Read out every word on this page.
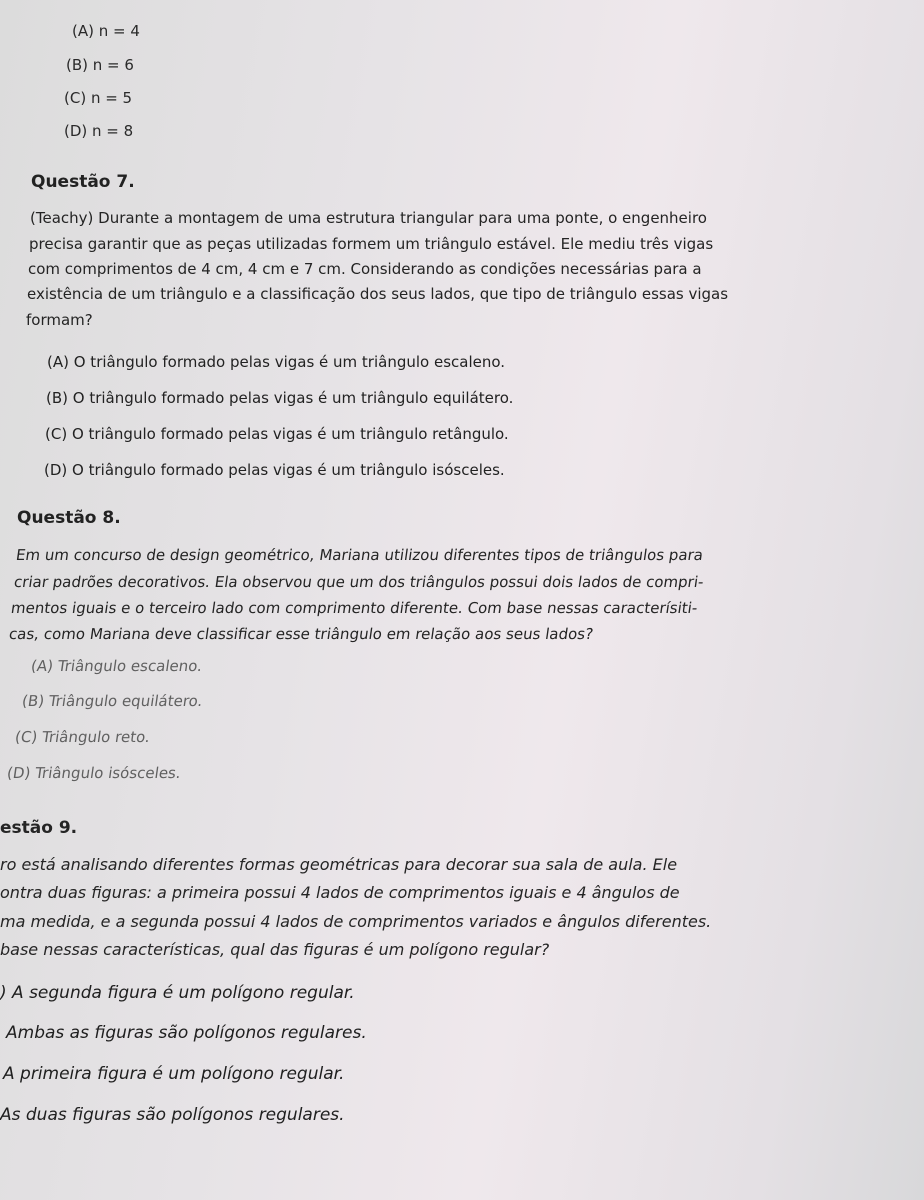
(A) n = 4
(B) n = 6
(C) n = 5
(D) n = 8
Questão 7.
(Teachy) Durante a montagem de uma estrutura triangular para uma ponte, o engenheiro
precisa garantir que as peças utilizadas formem um triângulo estável. Ele mediu três vigas
com comprimentos de 4 cm, 4 cm e 7 cm. Considerando as condições necessárias para a
existência de um triângulo e a classificação dos seus lados, que tipo de triângulo essas vigas
formam?
(A) O triângulo formado pelas vigas é um triângulo escaleno.
(B) O triângulo formado pelas vigas é um triângulo equilátero.
(C) O triângulo formado pelas vigas é um triângulo retângulo.
(D) O triângulo formado pelas vigas é um triângulo isósceles.
Questão 8.
Em um concurso de design geométrico, Mariana utilizou diferentes tipos de triângulos para
criar padrões decorativos. Ela observou que um dos triângulos possui dois lados de compri-
mentos iguais e o terceiro lado com comprimento diferente. Com base nessas caracterísiti-
cas, como Mariana deve classificar esse triângulo em relação aos seus lados?
(A) Triângulo escaleno.
(B) Triângulo equilátero.
(C) Triângulo reto.
(D) Triângulo isósceles.
estão 9.
ro está analisando diferentes formas geométricas para decorar sua sala de aula. Ele
ontra duas figuras: a primeira possui 4 lados de comprimentos iguais e 4 ângulos de
ma medida, e a segunda possui 4 lados de comprimentos variados e ângulos diferentes.
base nessas características, qual das figuras é um polígono regular?
) A segunda figura é um polígono regular.
Ambas as figuras são polígonos regulares.
A primeira figura é um polígono regular.
As duas figuras são polígonos regulares.
